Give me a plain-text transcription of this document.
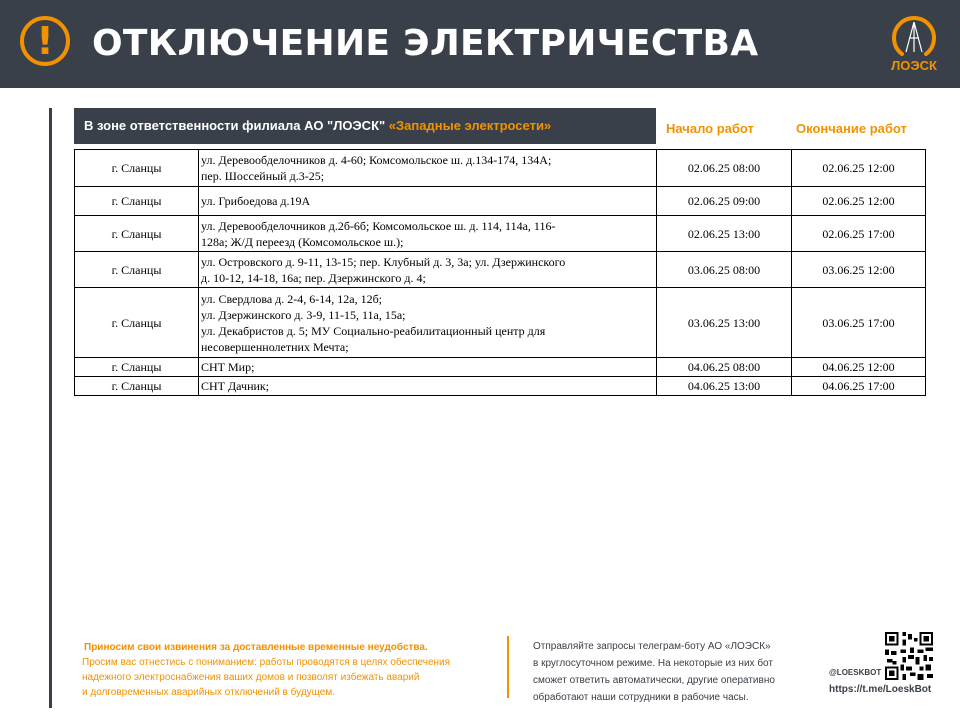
!	ОТКЛЮЧЕНИЕ ЭЛЕКТРИЧЕСТВА
ЛОЭСК
В зоне ответственности филиала АО "ЛОЭСК" «Западные электросети»	Начало работ	Окончание работ
г. Сланцы	ул. Деревообделочников д. 4-60; Комсомольское ш. д.134-174, 134А;
пер. Шоссейный д.3-25;	02.06.25 08:00	02.06.25 12:00
г. Сланцы	ул. Грибоедова д.19А	02.06.25 09:00	02.06.25 12:00
г. Сланцы	ул. Деревообделочников д.2б-6б; Комсомольское ш. д. 114, 114а, 116-
128а; Ж/Д переезд (Комсомольское ш.);	02.06.25 13:00	02.06.25 17:00
г. Сланцы	ул. Островского д. 9-11, 13-15; пер. Клубный д. 3, 3а; ул. Дзержинского
д. 10-12, 14-18, 16а; пер. Дзержинского д. 4;	03.06.25 08:00	03.06.25 12:00
г. Сланцы	ул. Свердлова д. 2-4, 6-14, 12а, 12б;
ул. Дзержинского д. 3-9, 11-15, 11а, 15а;
ул. Декабристов д. 5; МУ Социально-реабилитационный центр для
несовершеннолетних Мечта;	03.06.25 13:00	03.06.25 17:00
г. Сланцы	СНТ Мир;	04.06.25 08:00	04.06.25 12:00
г. Сланцы	СНТ Дачник;	04.06.25 13:00	04.06.25 17:00
Приносим свои извинения за доставленные временные неудобства.
Просим вас отнестись с пониманием: работы проводятся в целях обеспечения
надежного электроснабжения ваших домов и позволят избежать аварий
и долговременных аварийных отключений в будущем.
Отправляйте запросы телеграм-боту АО «ЛОЭСК»
в круглосуточном режиме. На некоторые из них бот
сможет ответить автоматически, другие оперативно
обработают наши сотрудники в рабочие часы.
@LOESKBOT
https://t.me/LoeskBot
